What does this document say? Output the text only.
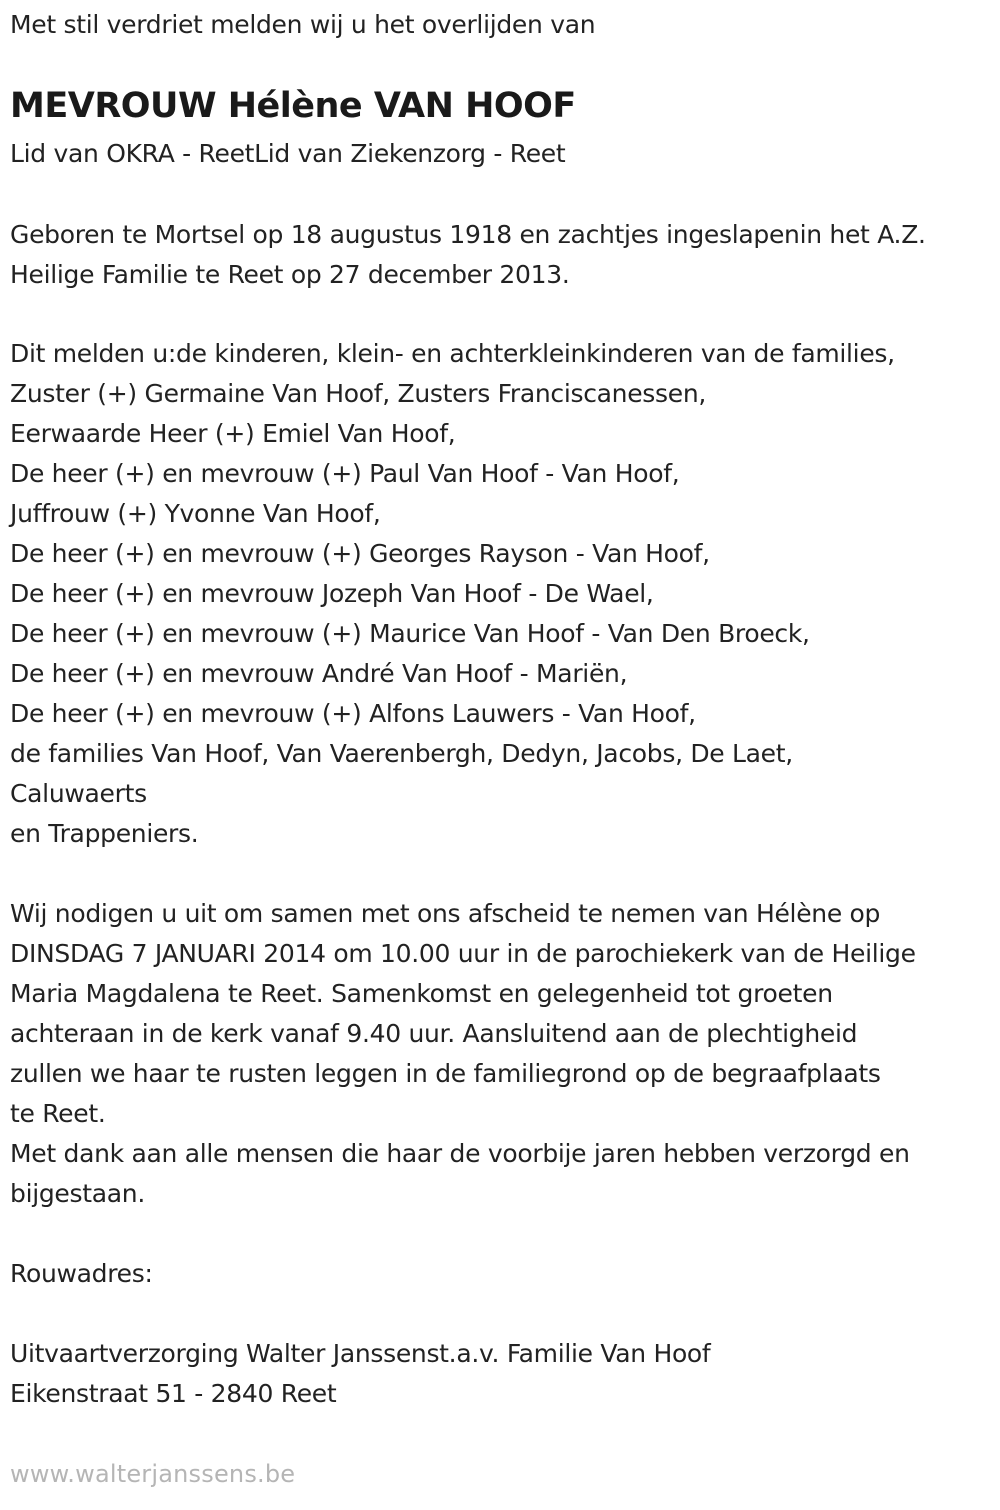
Met stil verdriet melden wij u het overlijden van
MEVROUW Hélène VAN HOOF
Lid van OKRA - ReetLid van Ziekenzorg - Reet
Geboren te Mortsel op 18 augustus 1918 en zachtjes ingeslapenin het A.Z.
Heilige Familie te Reet op 27 december 2013.
Dit melden u:de kinderen, klein- en achterkleinkinderen van de families,
Zuster (+) Germaine Van Hoof, Zusters Franciscanessen,
Eerwaarde Heer (+) Emiel Van Hoof,
De heer (+) en mevrouw (+) Paul Van Hoof - Van Hoof,
Juffrouw (+) Yvonne Van Hoof,
De heer (+) en mevrouw (+) Georges Rayson - Van Hoof,
De heer (+) en mevrouw Jozeph Van Hoof - De Wael,
De heer (+) en mevrouw (+) Maurice Van Hoof - Van Den Broeck,
De heer (+) en mevrouw André Van Hoof - Mariën,
De heer (+) en mevrouw (+) Alfons Lauwers - Van Hoof,
de families Van Hoof, Van Vaerenbergh, Dedyn, Jacobs, De Laet,
Caluwaerts
en Trappeniers.
Wij nodigen u uit om samen met ons afscheid te nemen van Hélène op
DINSDAG 7 JANUARI 2014 om 10.00 uur in de parochiekerk van de Heilige
Maria Magdalena te Reet. Samenkomst en gelegenheid tot groeten
achteraan in de kerk vanaf 9.40 uur. Aansluitend aan de plechtigheid
zullen we haar te rusten leggen in de familiegrond op de begraafplaats
te Reet.
Met dank aan alle mensen die haar de voorbije jaren hebben verzorgd en
bijgestaan.
Rouwadres:
Uitvaartverzorging Walter Janssenst.a.v. Familie Van Hoof
Eikenstraat 51 - 2840 Reet
www.walterjanssens.be
